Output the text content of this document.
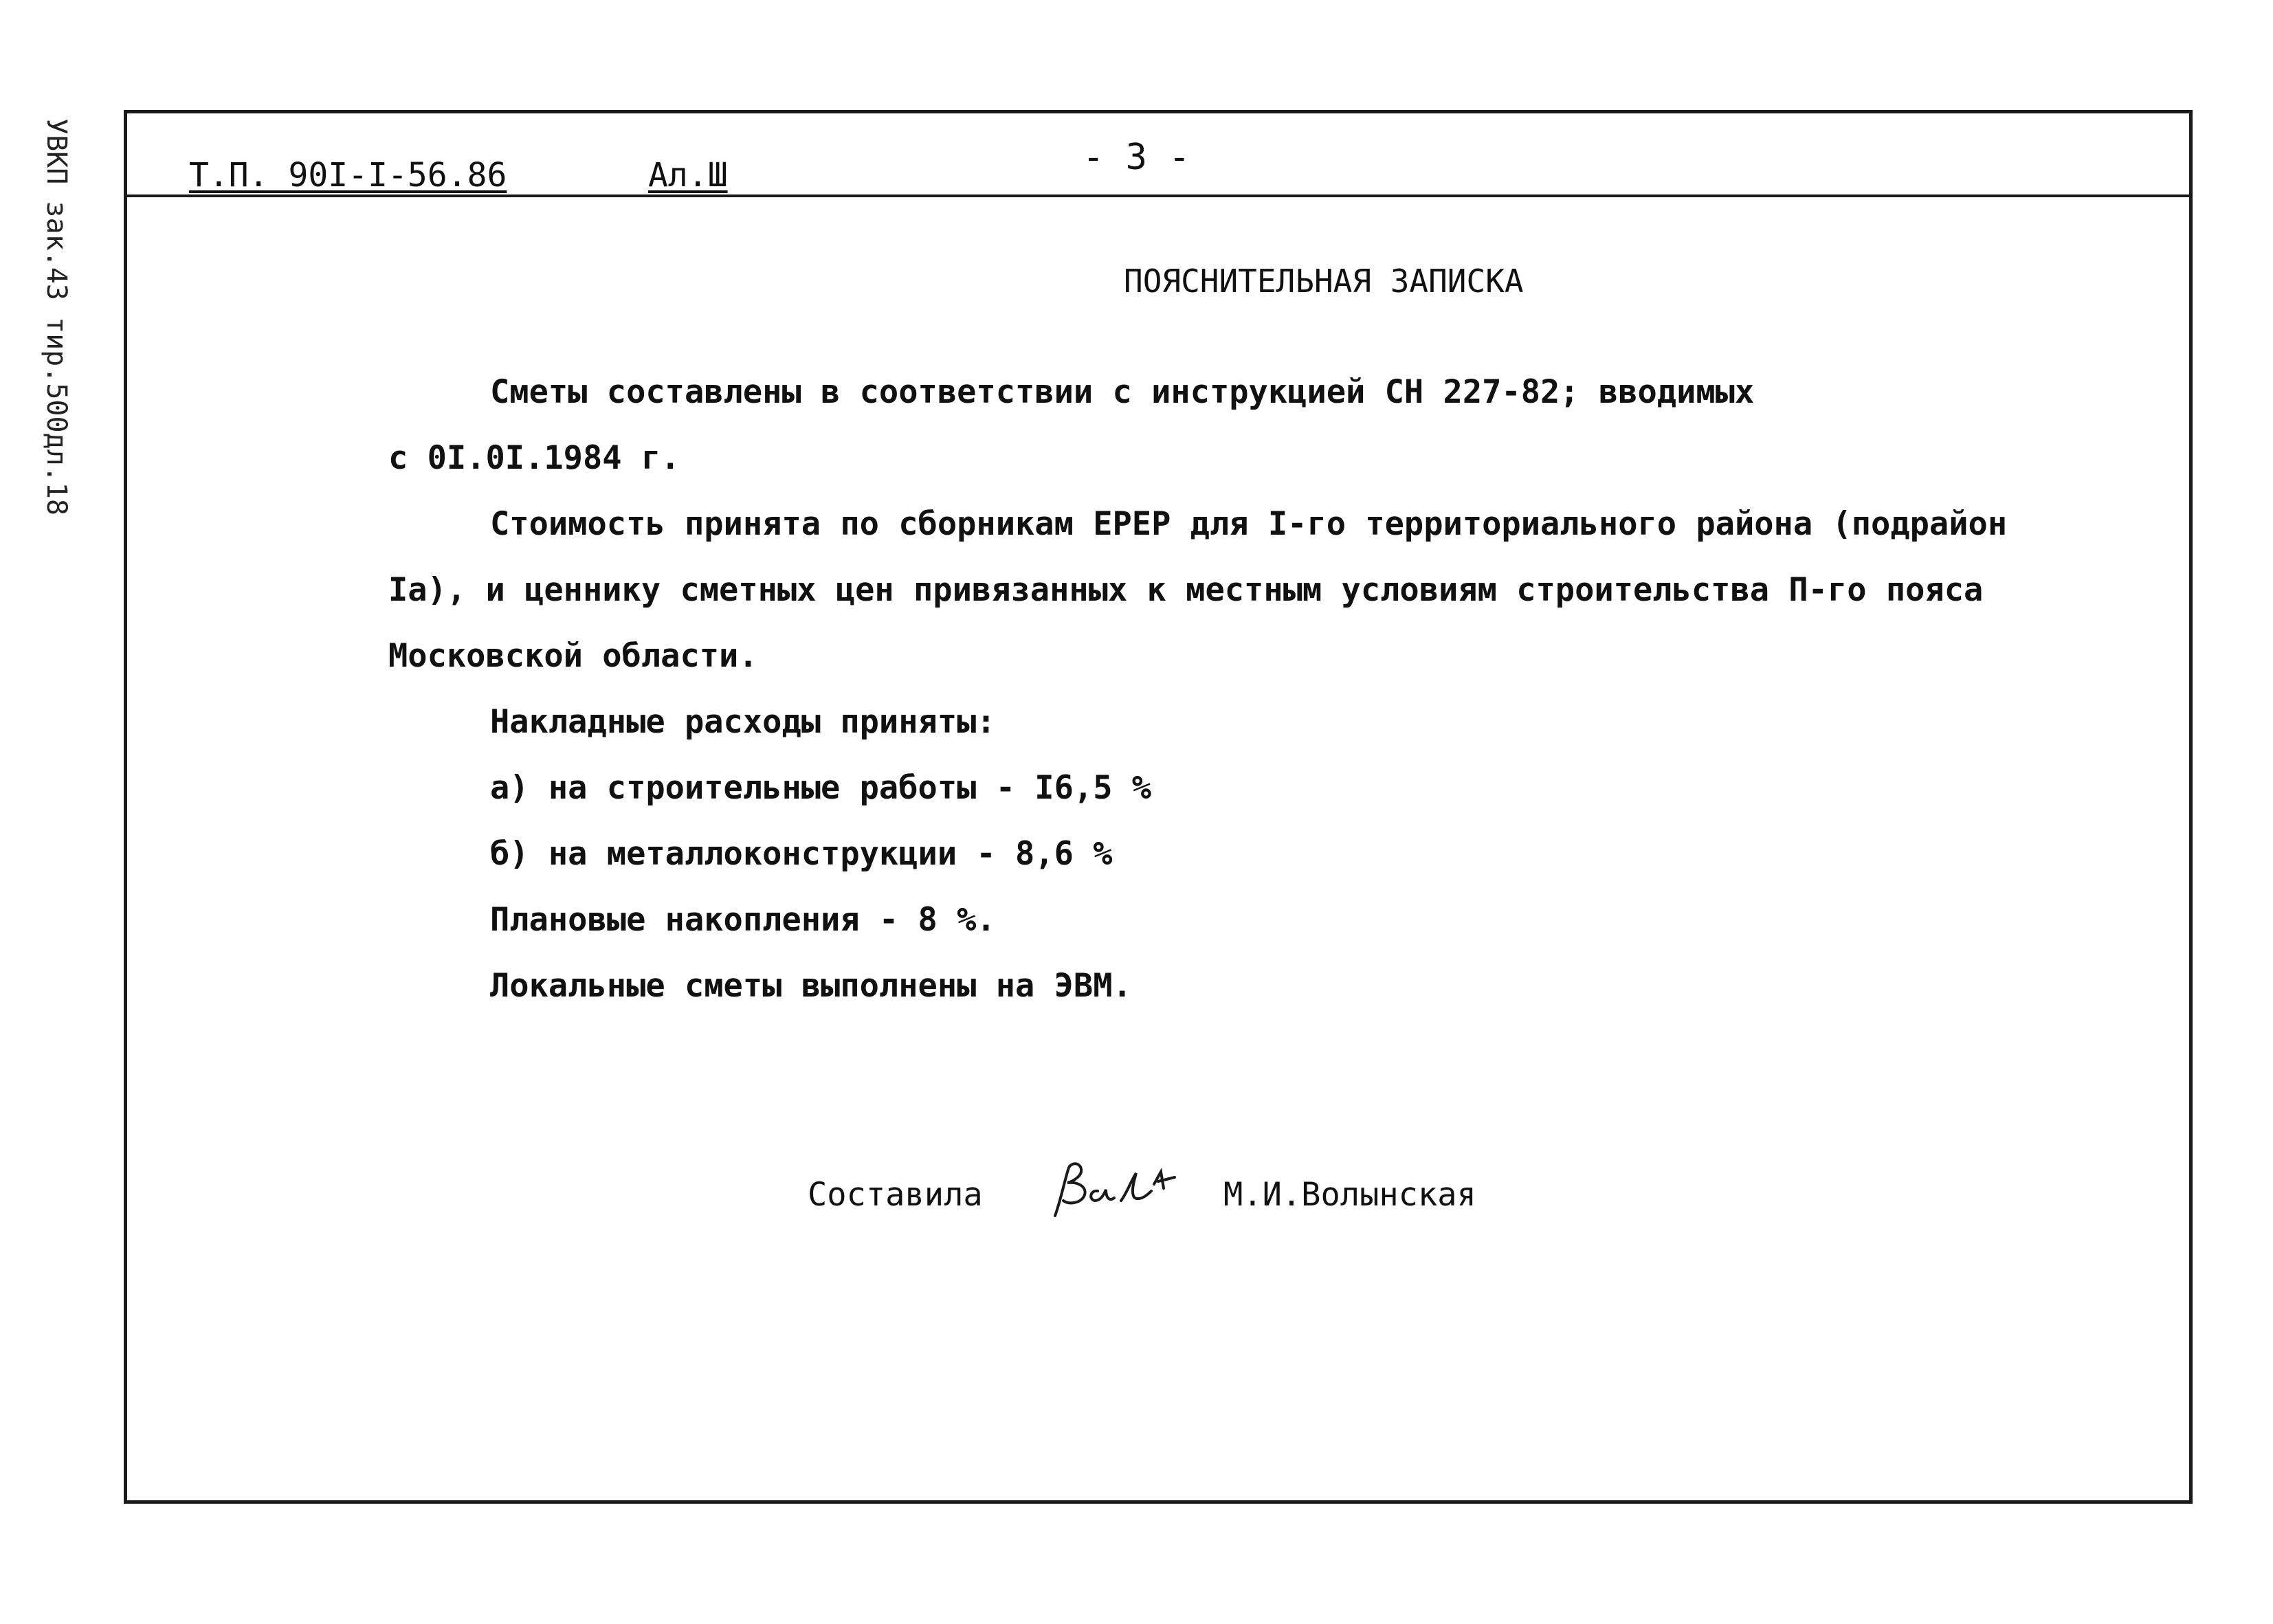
УВКП зак.43 тир.500дл.18	Т.П. 90I-I-56.86	Ал.Ш	- 3 -
ПОЯСНИТЕЛЬНАЯ ЗАПИСКА
Сметы составлены в соответствии с инструкцией СН 227-82; вводимых
с 0I.0I.1984 г.
Стоимость принята по сборникам ЕРЕР для I-го территориального района (подрайон
Iа), и ценнику сметных цен привязанных к местным условиям строительства П-го пояса
Московской области.
Накладные расходы приняты:
а) на строительные работы - I6,5 %
б) на металлоконструкции - 8,6 %
Плановые накопления - 8 %.
Локальные сметы выполнены на ЭВМ.
Составила	М.И.Волынская
